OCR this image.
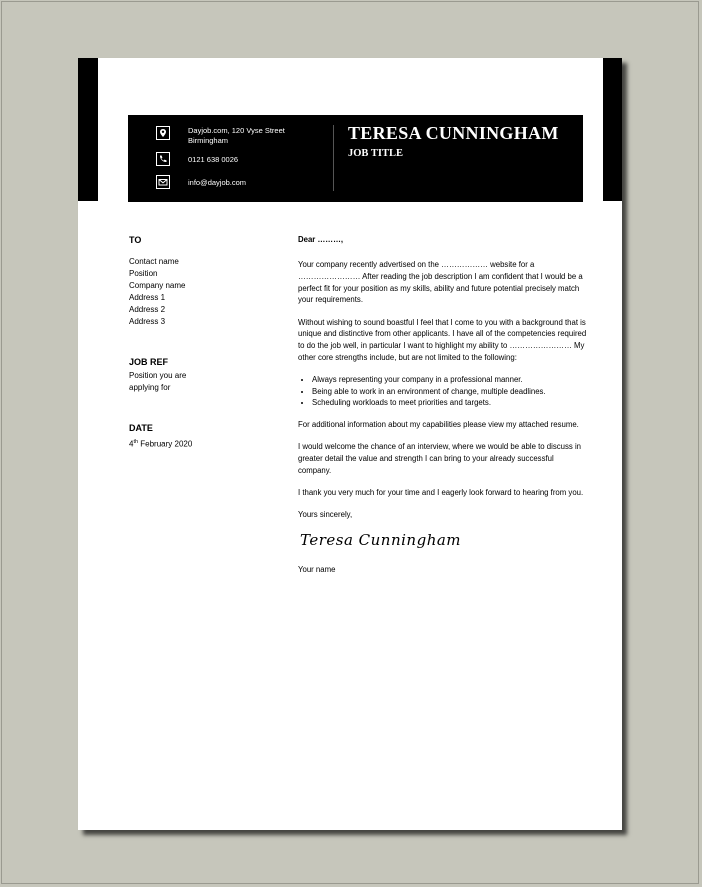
Dayjob.com, 120 Vyse Street
Birmingham
0121 638 0026
info@dayjob.com
TERESA CUNNINGHAM
JOB TITLE
TO
Contact name
Position
Company name
Address 1
Address 2
Address 3
JOB REF
Position you are
applying for
DATE
4th February 2020

Dear ………,

Your company recently advertised on the ……………… website for a …………………… After reading the job description I am confident that I would be a perfect fit for your position as my skills, ability and future potential precisely match your requirements.

Without wishing to sound boastful I feel that I come to you with a background that is unique and distinctive from other applicants. I have all of the competencies required to do the job well, in particular I want to highlight my ability to …………………… My other core strengths include, but are not limited to the following:

• Always representing your company in a professional manner.
• Being able to work in an environment of change, multiple deadlines.
• Scheduling workloads to meet priorities and targets.

For additional information about my capabilities please view my attached resume.

I would welcome the chance of an interview, where we would be able to discuss in greater detail the value and strength I can bring to your already successful company.

I thank you very much for your time and I eagerly look forward to hearing from you.

Yours sincerely,

Teresa Cunningham

Your name
